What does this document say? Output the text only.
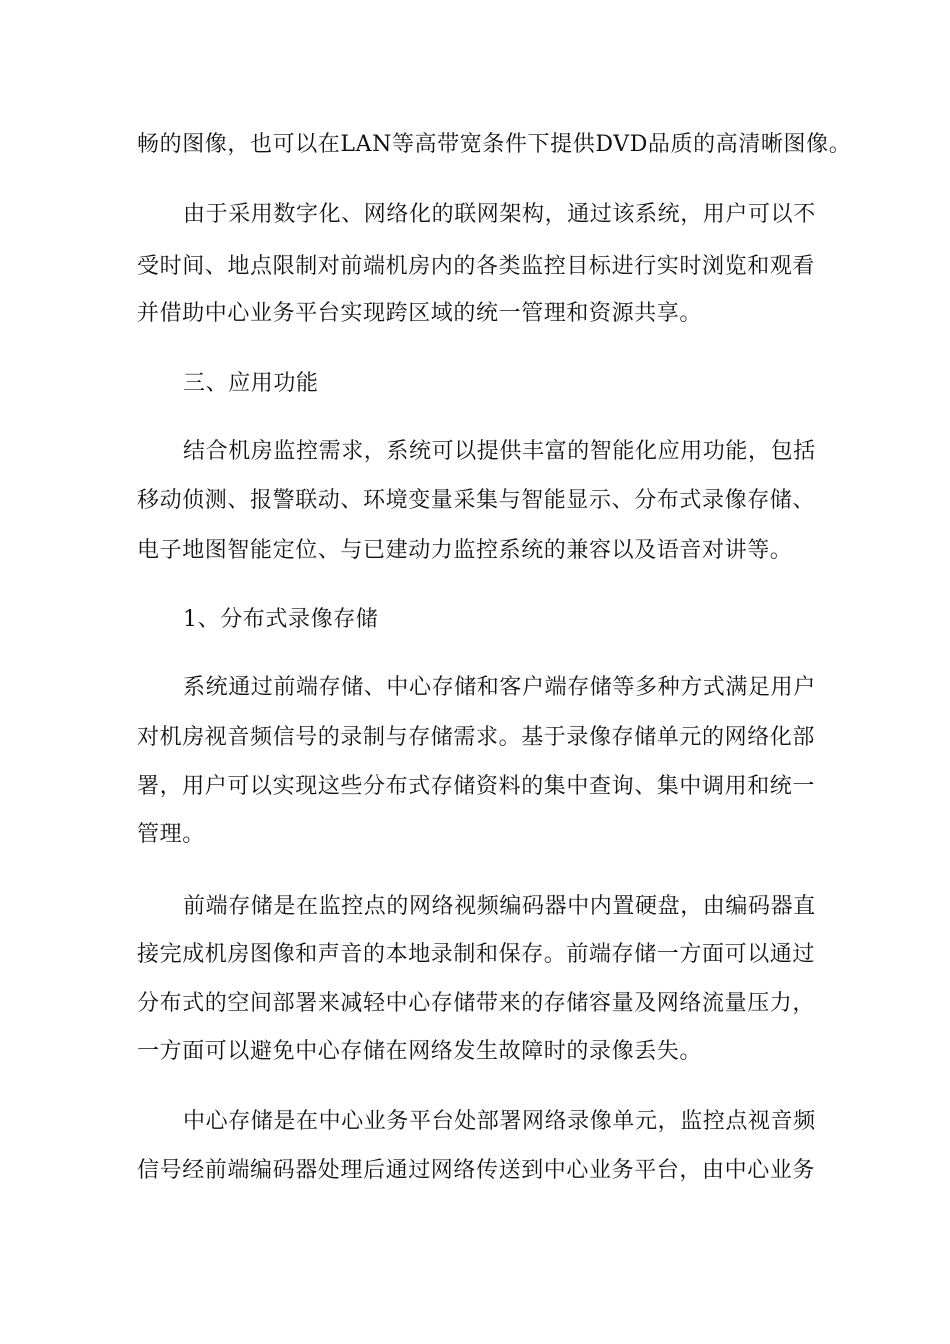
畅的图像，也可以在LAN等高带宽条件下提供DVD品质的高清晰图像。

由于采用数字化、网络化的联网架构，通过该系统，用户可以不

受时间、地点限制对前端机房内的各类监控目标进行实时浏览和观看

并借助中心业务平台实现跨区域的统一管理和资源共享。

三、应用功能

结合机房监控需求，系统可以提供丰富的智能化应用功能，包括

移动侦测、报警联动、环境变量采集与智能显示、分布式录像存储、

电子地图智能定位、与已建动力监控系统的兼容以及语音对讲等。

1、分布式录像存储

系统通过前端存储、中心存储和客户端存储等多种方式满足用户

对机房视音频信号的录制与存储需求。基于录像存储单元的网络化部

署，用户可以实现这些分布式存储资料的集中查询、集中调用和统一

管理。

前端存储是在监控点的网络视频编码器中内置硬盘，由编码器直

接完成机房图像和声音的本地录制和保存。前端存储一方面可以通过

分布式的空间部署来减轻中心存储带来的存储容量及网络流量压力，

一方面可以避免中心存储在网络发生故障时的录像丢失。

中心存储是在中心业务平台处部署网络录像单元，监控点视音频

信号经前端编码器处理后通过网络传送到中心业务平台，由中心业务
